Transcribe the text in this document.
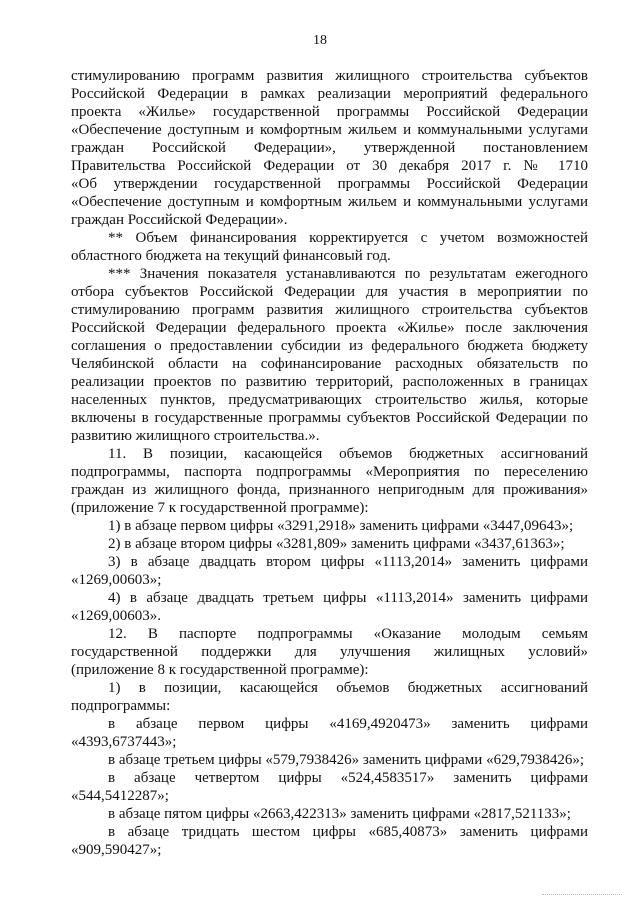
18
стимулированию программ развития жилищного строительства субъектов
Российской Федерации в рамках реализации мероприятий федерального
проекта «Жилье» государственной программы Российской Федерации
«Обеспечение доступным и комфортным жильем и коммунальными услугами
граждан Российской Федерации», утвержденной постановлением
Правительства Российской Федерации от 30 декабря 2017 г. № 1710
«Об утверждении государственной программы Российской Федерации
«Обеспечение доступным и комфортным жильем и коммунальными услугами
граждан Российской Федерации».
** Объем финансирования корректируется с учетом возможностей
областного бюджета на текущий финансовый год.
*** Значения показателя устанавливаются по результатам ежегодного
отбора субъектов Российской Федерации для участия в мероприятии по
стимулированию программ развития жилищного строительства субъектов
Российской Федерации федерального проекта «Жилье» после заключения
соглашения о предоставлении субсидии из федерального бюджета бюджету
Челябинской области на софинансирование расходных обязательств по
реализации проектов по развитию территорий, расположенных в границах
населенных пунктов, предусматривающих строительство жилья, которые
включены в государственные программы субъектов Российской Федерации по
развитию жилищного строительства.».
11. В позиции, касающейся объемов бюджетных ассигнований
подпрограммы, паспорта подпрограммы «Мероприятия по переселению
граждан из жилищного фонда, признанного непригодным для проживания»
(приложение 7 к государственной программе):
1) в абзаце первом цифры «3291,2918» заменить цифрами «3447,09643»;
2) в абзаце втором цифры «3281,809» заменить цифрами «3437,61363»;
3) в абзаце двадцать втором цифры «1113,2014» заменить цифрами
«1269,00603»;
4) в абзаце двадцать третьем цифры «1113,2014» заменить цифрами
«1269,00603».
12. В паспорте подпрограммы «Оказание молодым семьям
государственной поддержки для улучшения жилищных условий»
(приложение 8 к государственной программе):
1) в позиции, касающейся объемов бюджетных ассигнований
подпрограммы:
в абзаце первом цифры «4169,4920473» заменить цифрами
«4393,6737443»;
в абзаце третьем цифры «579,7938426» заменить цифрами «629,7938426»;
в абзаце четвертом цифры «524,4583517» заменить цифрами
«544,5412287»;
в абзаце пятом цифры «2663,422313» заменить цифрами «2817,521133»;
в абзаце тридцать шестом цифры «685,40873» заменить цифрами
«909,590427»;
